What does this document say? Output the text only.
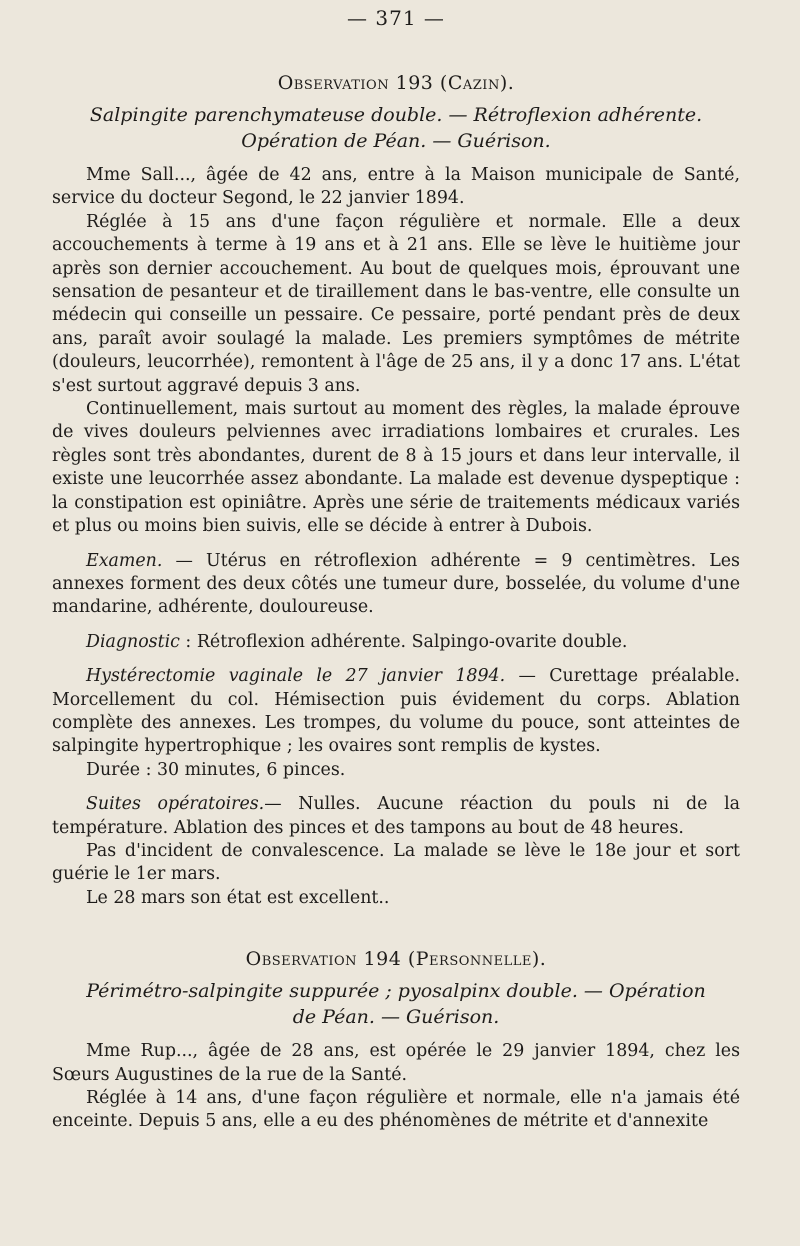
— 371 —
Observation 193 (Cazin).
Salpingite parenchymateuse double. — Rétroflexion adhérente.
Opération de Péan. — Guérison.

Mme Sall..., âgée de 42 ans, entre à la Maison municipale de Santé, service du docteur Segond, le 22 janvier 1894.

Réglée à 15 ans d'une façon régulière et normale. Elle a deux accouchements à terme à 19 ans et à 21 ans. Elle se lève le huitième jour après son dernier accouchement. Au bout de quelques mois, éprouvant une sensation de pesanteur et de tiraillement dans le bas-ventre, elle consulte un médecin qui conseille un pessaire. Ce pessaire, porté pendant près de deux ans, paraît avoir soulagé la malade. Les premiers symptômes de métrite (douleurs, leucorrhée), remontent à l'âge de 25 ans, il y a donc 17 ans. L'état s'est surtout aggravé depuis 3 ans.

Continuellement, mais surtout au moment des règles, la malade éprouve de vives douleurs pelviennes avec irradiations lombaires et crurales. Les règles sont très abondantes, durent de 8 à 15 jours et dans leur intervalle, il existe une leucorrhée assez abondante. La malade est devenue dyspeptique : la constipation est opiniâtre. Après une série de traitements médicaux variés et plus ou moins bien suivis, elle se décide à entrer à Dubois.

Examen. — Utérus en rétroflexion adhérente = 9 centimètres. Les annexes forment des deux côtés une tumeur dure, bosselée, du volume d'une mandarine, adhérente, douloureuse.

Diagnostic : Rétroflexion adhérente. Salpingo-ovarite double.

Hystérectomie vaginale le 27 janvier 1894. — Curettage préalable. Morcellement du col. Hémisection puis évidement du corps. Ablation complète des annexes. Les trompes, du volume du pouce, sont atteintes de salpingite hypertrophique ; les ovaires sont remplis de kystes.

Durée : 30 minutes, 6 pinces.

Suites opératoires.— Nulles. Aucune réaction du pouls ni de la température. Ablation des pinces et des tampons au bout de 48 heures.

Pas d'incident de convalescence. La malade se lève le 18e jour et sort guérie le 1er mars.

Le 28 mars son état est excellent..

Observation 194 (Personnelle).
Périmétro-salpingite suppurée ; pyosalpinx double. — Opération
de Péan. — Guérison.

Mme Rup..., âgée de 28 ans, est opérée le 29 janvier 1894, chez les Sœurs Augustines de la rue de la Santé.

Réglée à 14 ans, d'une façon régulière et normale, elle n'a jamais été enceinte. Depuis 5 ans, elle a eu des phénomènes de métrite et d'annexite
